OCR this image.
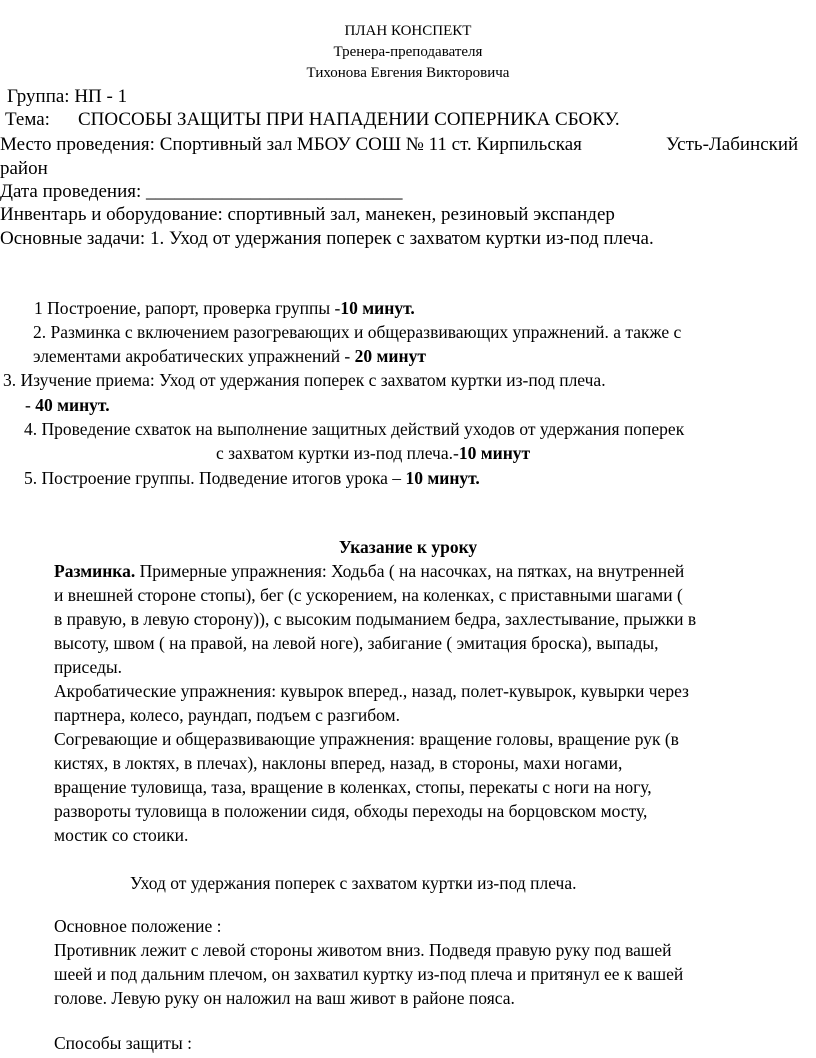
ПЛАН КОНСПЕКТ

Тренера-преподавателя

Тихонова Евгения Викторовича

Группа: НП - 1

Тема: СПОСОБЫ ЗАЩИТЫ ПРИ НАПАДЕНИИ СОПЕРНИКА СБОКУ.

Место проведения: Спортивный зал МБОУ СОШ № 11 ст. Кирпильская	Усть-Лабинский

район

Дата проведения: ___________________________

Инвентарь и оборудование: спортивный зал, манекен, резиновый экспандер

Основные задачи: 1. Уход от удержания поперек с захватом куртки из-под плеча.

1 Построение, рапорт, проверка группы -10 минут.

2. Разминка с включением разогревающих и общеразвивающих упражнений. а также с

элементами акробатических упражнений - 20 минут

3. Изучение приема: Уход от удержания поперек с захватом куртки из-под плеча.

- 40 минут.

4. Проведение схваток на выполнение защитных действий уходов от удержания поперек

с захватом куртки из-под плеча.-10 минут

5. Построение группы. Подведение итогов урока – 10 минут.

Указание к уроку

Разминка. Примерные упражнения: Ходьба ( на насочках, на пятках, на внутренней

и внешней стороне стопы), бег (с ускорением, на коленках, с приставными шагами (

в правую, в левую сторону)), с высоким подыманием бедра, захлестывание, прыжки в

высоту, швом ( на правой, на левой ноге), забигание ( эмитация броска), выпады,

приседы.

Акробатические упражнения: кувырок вперед., назад, полет-кувырок, кувырки через

партнера, колесо, раундап, подъем с разгибом.

Согревающие и общеразвивающие упражнения: вращение головы, вращение рук (в

кистях, в локтях, в плечах), наклоны вперед, назад, в стороны, махи ногами,

вращение туловища, таза, вращение в коленках, стопы, перекаты с ноги на ногу,

развороты туловища в положении сидя, обходы переходы на борцовском мосту,

мостик со стоики.

Уход от удержания поперек с захватом куртки из-под плеча.

Основное положение :

Противник лежит с левой стороны животом вниз. Подведя правую руку под вашей

шеей и под дальним плечом, он захватил куртку из-под плеча и притянул ее к вашей

голове. Левую руку он наложил на ваш живот в районе пояса.

Способы защиты :
